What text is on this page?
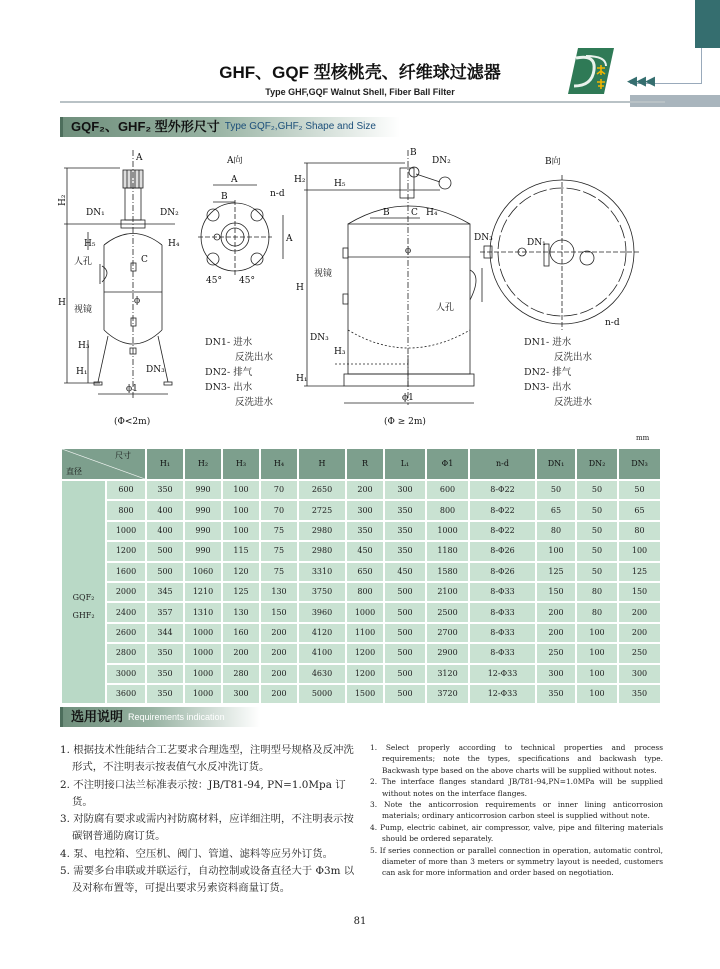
◀◀◀
GHF、GQF 型核桃壳、纤维球过滤器
Type GHF,GQF Walnut Shell, Fiber Ball Filter
GQF₂、GHF₂ 型外形尺寸 Type GQF₂,GHF₂ Shape and Size
A
H₂
DN₁	DN₂
H₅	H₄
C
人孔
H	ϕ
视镜
H₃
H₁	DN₃
ϕ1
(Φ<2m)
A向
A
B	n-d
A
45° 45°
B
DN₂
H₂	H₅
H₄
B C
ϕ
视镜
H
人孔
DN₃
H₃
H₁
ϕ1
(Φ ≥ 2m)
B向
DN₃	DN₁
n-d
DN1- 进水
反洗出水
DN2- 排气
DN3- 出水
反洗进水
DN1- 进水
反洗出水
DN2- 排气
DN3- 出水
反洗进水
mm
尺寸
直径		H₁	H₂	H₃	H₄	H	R	L₁	Φ1	n-d	DN₁	DN₂	DN₃

GQF₂
GHF₂	600	350	990	100	70	2650	200	300	600	8-Φ22	50	50	50
	800	400	990	100	70	2725	300	350	800	8-Φ22	65	50	65
	1000	400	990	100	75	2980	350	350	1000	8-Φ22	80	50	80
	1200	500	990	115	75	2980	450	350	1180	8-Φ26	100	50	100
	1600	500	1060	120	75	3310	650	450	1580	8-Φ26	125	50	125
	2000	345	1210	125	130	3750	800	500	2100	8-Φ33	150	80	150
	2400	357	1310	130	150	3960	1000	500	2500	8-Φ33	200	80	200
	2600	344	1000	160	200	4120	1100	500	2700	8-Φ33	200	100	200
	2800	350	1000	200	200	4100	1200	500	2900	8-Φ33	250	100	250
	3000	350	1000	280	200	4630	1200	500	3120	12-Φ33	300	100	300
	3600	350	1000	300	200	5000	1500	500	3720	12-Φ33	350	100	350
选用说明 Requirements indication

1. 根据技术性能结合工艺要求合理选型，注明型号规格及反冲洗形式，不注明表示按表值气水反冲洗订货。

2. 不注明接口法兰标准表示按：JB/T81-94, PN=1.0Mpa 订货。

3. 对防腐有要求或需内衬防腐材料，应详细注明，不注明表示按碳钢普通防腐订货。

4. 泵、电控箱、空压机、阀门、管道、滤料等应另外订货。

5. 需要多台串联或并联运行，自动控制或设备直径大于 Φ3m 以及对称布置等，可提出要求另索资料商量订货。

1. Select properly according to technical properties and process requirements; note the types, specifications and backwash type. Backwash type based on the above charts will be supplied without notes.

2. The interface flanges standard JB/T81-94,PN=1.0MPa will be supplied without notes on the interface flanges.

3. Note the anticorrosion requirements or inner lining anticorrosion materials; ordinary anticorrosion carbon steel is supplied without note.

4. Pump, electric cabinet, air compressor, valve, pipe and filtering materials should be ordered separately.

5. If series connection or parallel connection in operation, automatic control, diameter of more than 3 meters or symmetry layout is needed, customers can ask for more information and order based on negotiation.

81
